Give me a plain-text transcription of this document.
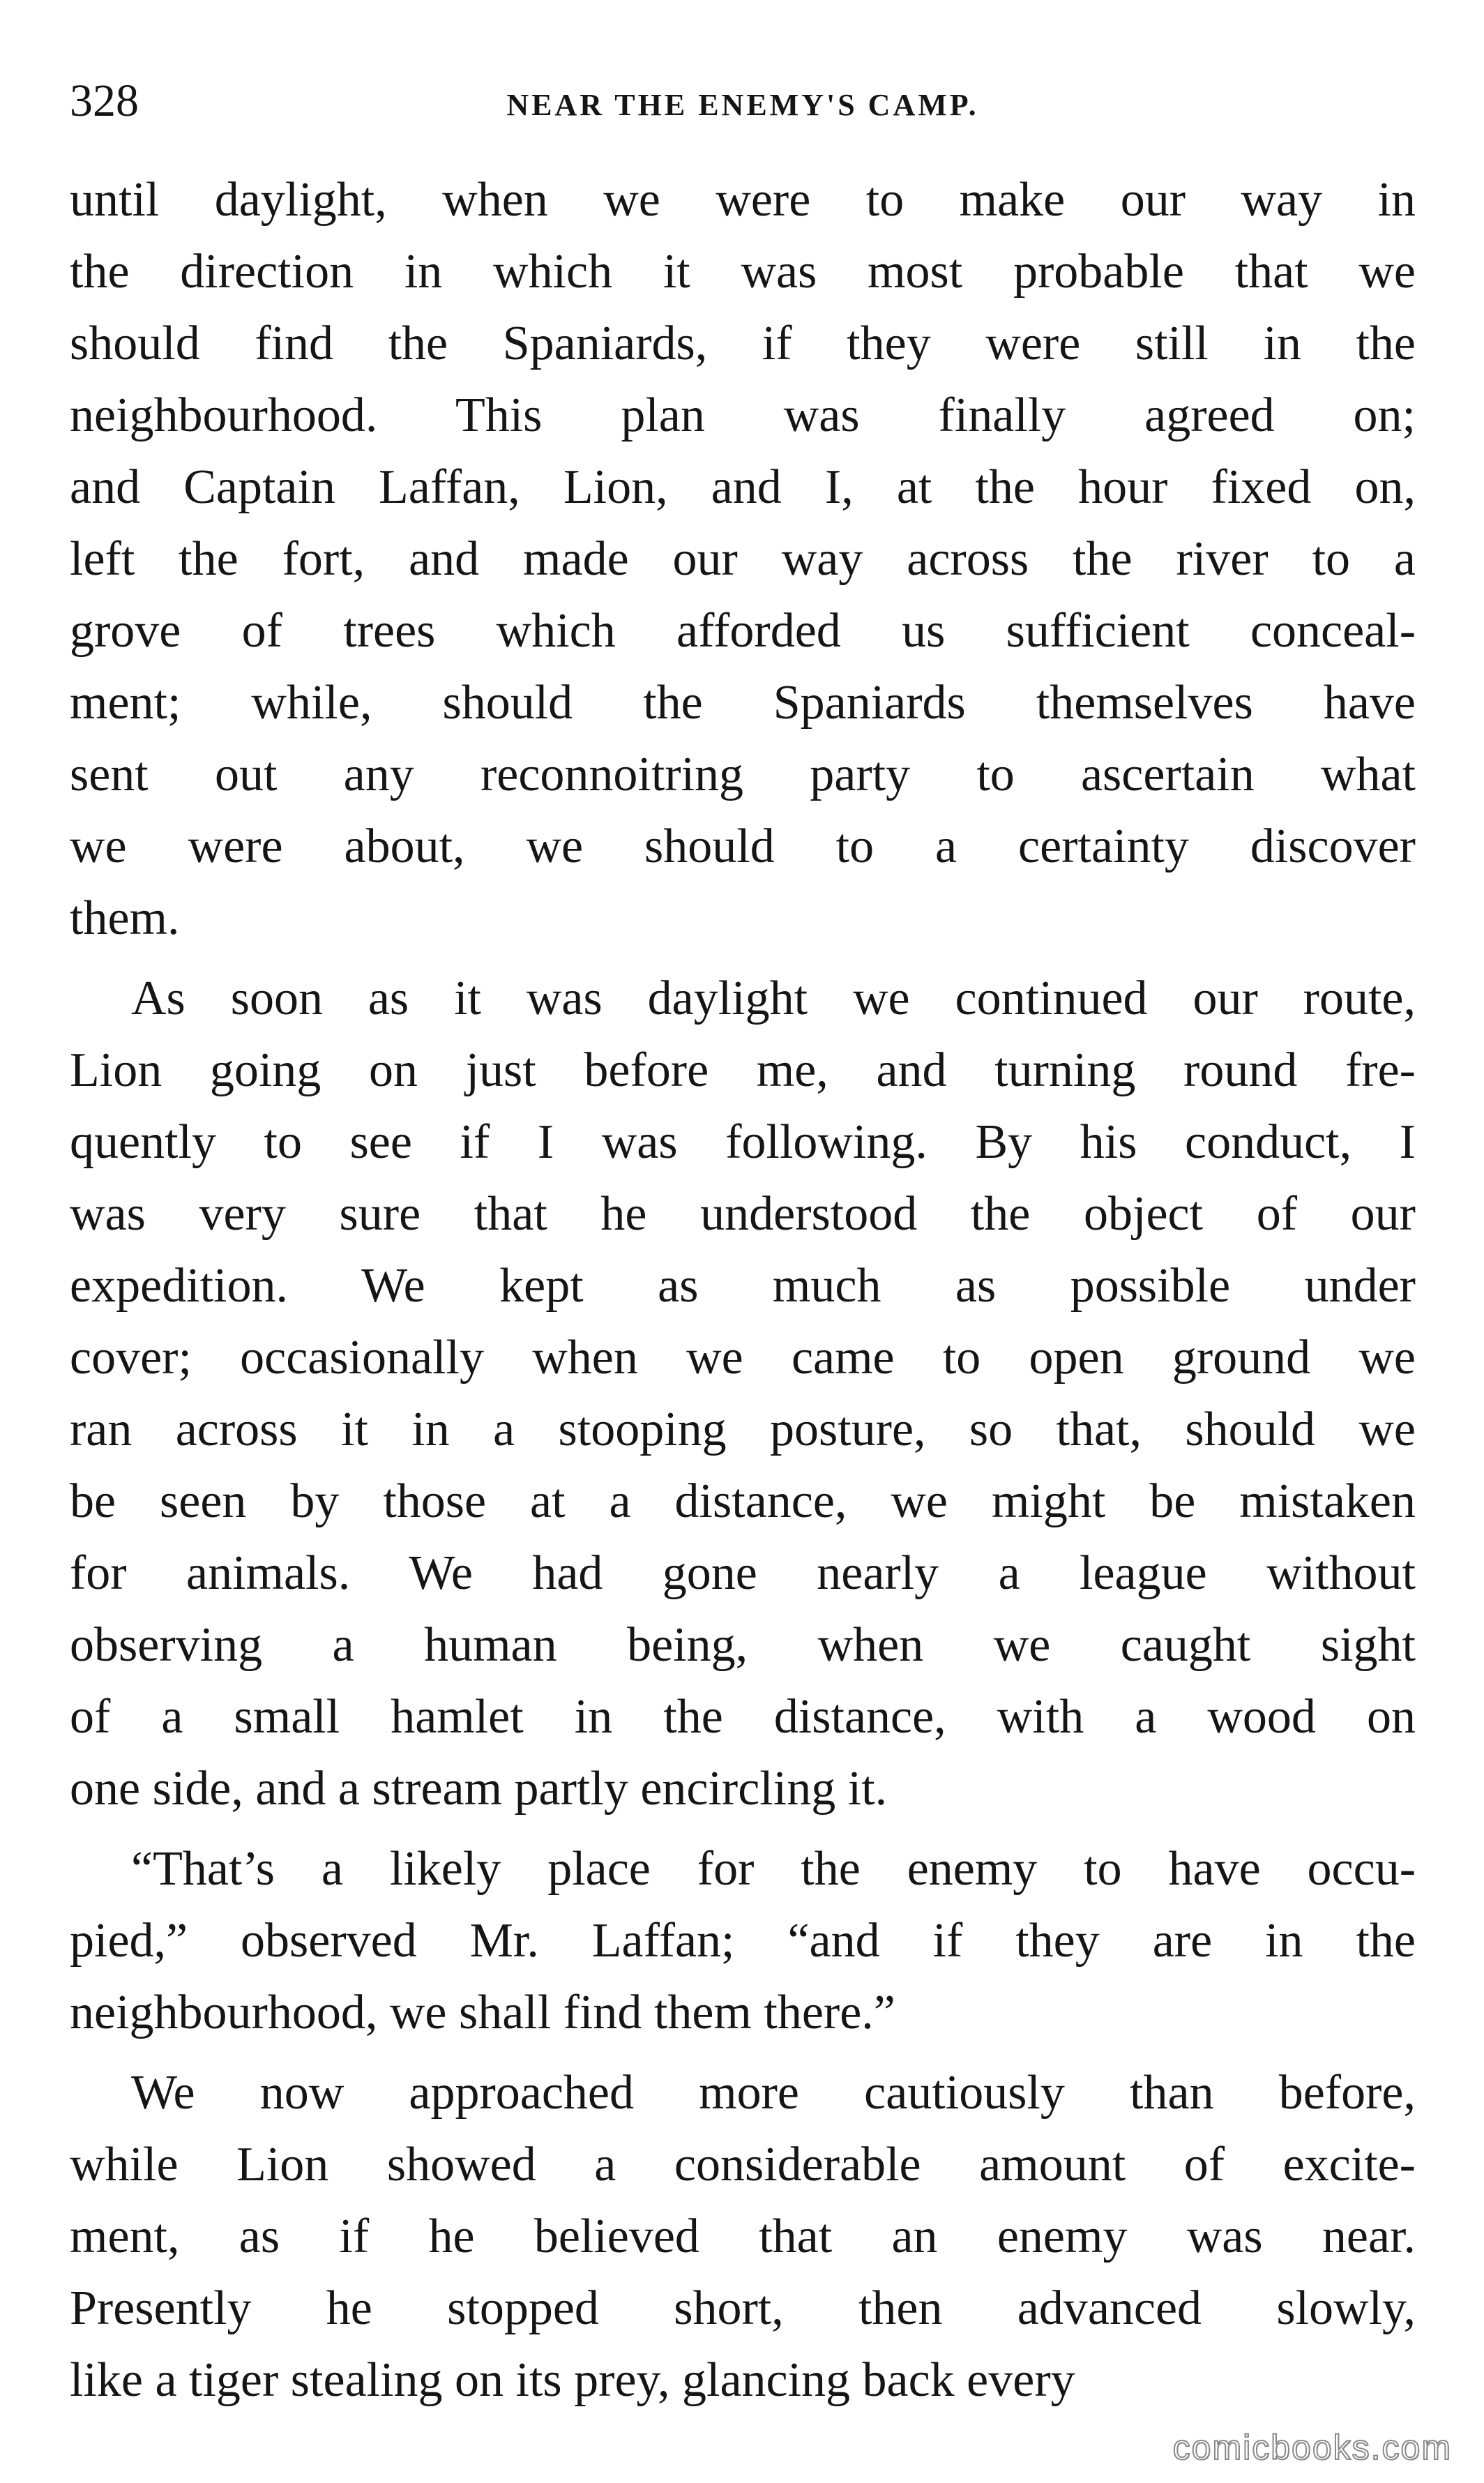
328	NEAR THE ENEMY'S CAMP.
until daylight, when we were to make our way in
the direction in which it was most probable that we
should find the Spaniards, if they were still in the
neighbourhood. This plan was finally agreed on;
and Captain Laffan, Lion, and I, at the hour fixed on,
left the fort, and made our way across the river to a
grove of trees which afforded us sufficient conceal-
ment; while, should the Spaniards themselves have
sent out any reconnoitring party to ascertain what
we were about, we should to a certainty discover
them.
As soon as it was daylight we continued our route,
Lion going on just before me, and turning round fre-
quently to see if I was following. By his conduct, I
was very sure that he understood the object of our
expedition. We kept as much as possible under
cover; occasionally when we came to open ground we
ran across it in a stooping posture, so that, should we
be seen by those at a distance, we might be mistaken
for animals. We had gone nearly a league without
observing a human being, when we caught sight
of a small hamlet in the distance, with a wood on
one side, and a stream partly encircling it.
“That’s a likely place for the enemy to have occu-
pied,” observed Mr. Laffan; “and if they are in the
neighbourhood, we shall find them there.”
We now approached more cautiously than before,
while Lion showed a considerable amount of excite-
ment, as if he believed that an enemy was near.
Presently he stopped short, then advanced slowly,
like a tiger stealing on its prey, glancing back every
comicbooks.com
